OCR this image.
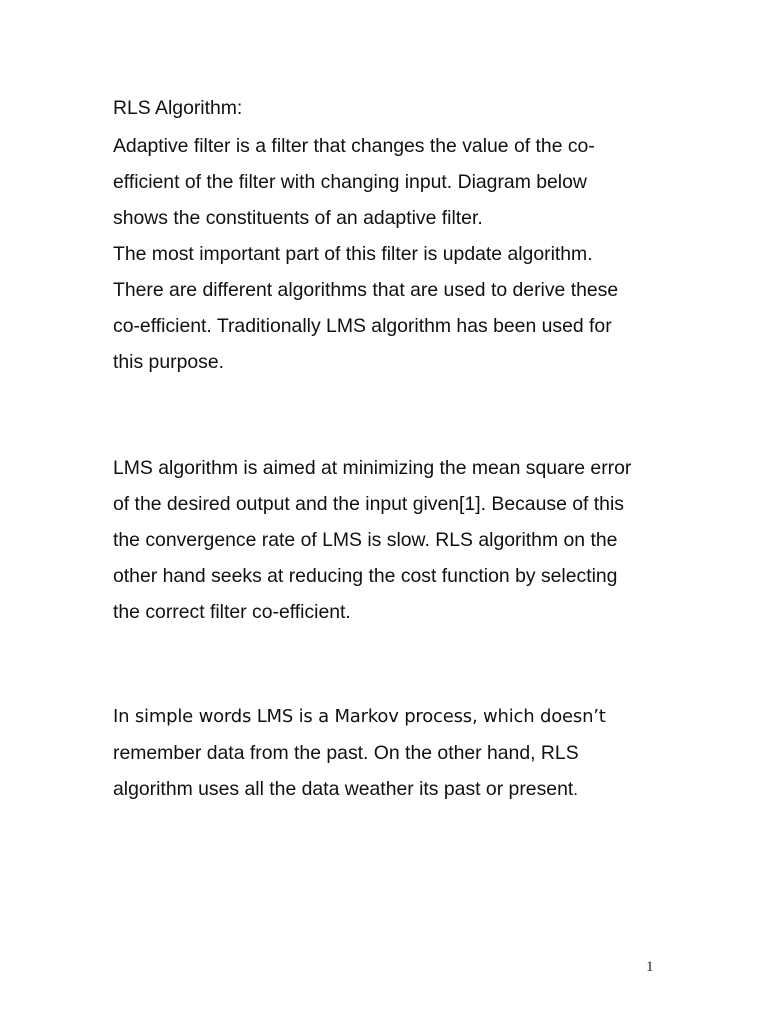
RLS Algorithm:
Adaptive filter is a filter that changes the value of the co-
efficient of the filter with changing input. Diagram below
shows the constituents of an adaptive filter.
The most important part of this filter is update algorithm.
There are different algorithms that are used to derive these
co-efficient. Traditionally LMS algorithm has been used for
this purpose.
LMS algorithm is aimed at minimizing the mean square error
of the desired output and the input given[1]. Because of this
the convergence rate of LMS is slow. RLS algorithm on the
other hand seeks at reducing the cost function by selecting
the correct filter co-efficient.
In simple words LMS is a Markov process, which doesn’t
remember data from the past. On the other hand, RLS
algorithm uses all the data weather its past or present.
1
